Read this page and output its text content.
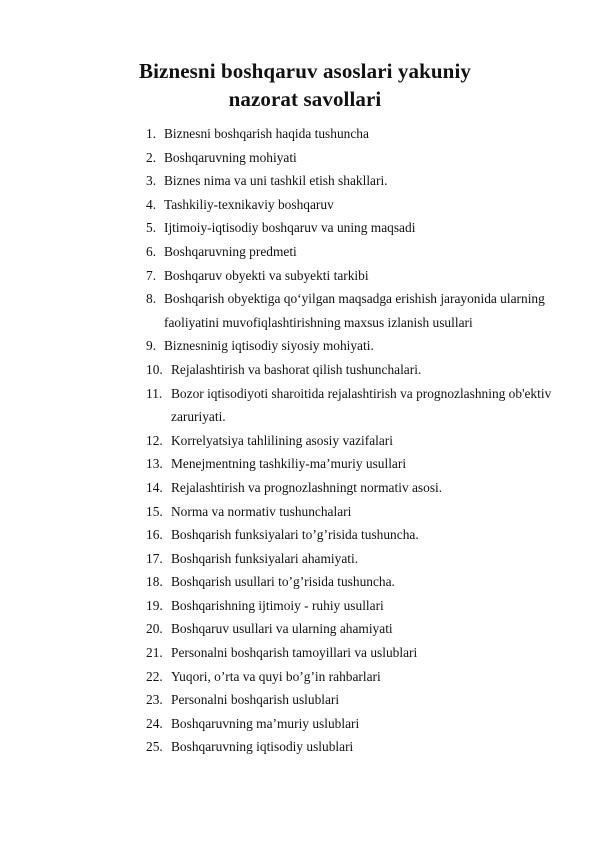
Biznesni boshqaruv asoslari yakuniy nazorat savollari
1. Biznesni boshqarish haqida tushuncha
2. Boshqaruvning mohiyati
3. Biznes nima va uni tashkil etish shakllari.
4. Tashkiliy-texnikaviy boshqaruv
5. Ijtimoiy-iqtisodiy boshqaruv va uning maqsadi
6. Boshqaruvning predmeti
7. Boshqaruv obyekti va subyekti tarkibi
8. Boshqarish obyektiga qo‘yilgan maqsadga erishish jarayonida ularning faoliyatini muvofiqlashtirishning maxsus izlanish usullari
9. Biznesninig iqtisodiy siyosiy mohiyati.
10. Rejalashtirish va bashorat qilish tushunchalari.
11. Bozor iqtisodiyoti sharoitida rejalashtirish va prognozlashning ob'ektiv zaruriyati.
12. Korrelyatsiya tahlilining asosiy vazifalari
13. Menejmentning tashkiliy-ma’muriy usullari
14. Rejalashtirish va prognozlashningt normativ asosi.
15. Norma va normativ tushunchalari
16. Boshqarish funksiyalari to’g’risida tushuncha.
17. Boshqarish funksiyalari ahamiyati.
18. Boshqarish usullari to’g’risida tushuncha.
19. Boshqarishning ijtimoiy - ruhiy usullari
20. Boshqaruv usullari va ularning ahamiyati
21. Personalni boshqarish tamoyillari va uslublari
22. Yuqori, o’rta va quyi bo’g’in rahbarlari
23. Personalni boshqarish uslublari
24. Boshqaruvning ma’muriy uslublari
25. Boshqaruvning iqtisodiy uslublari
